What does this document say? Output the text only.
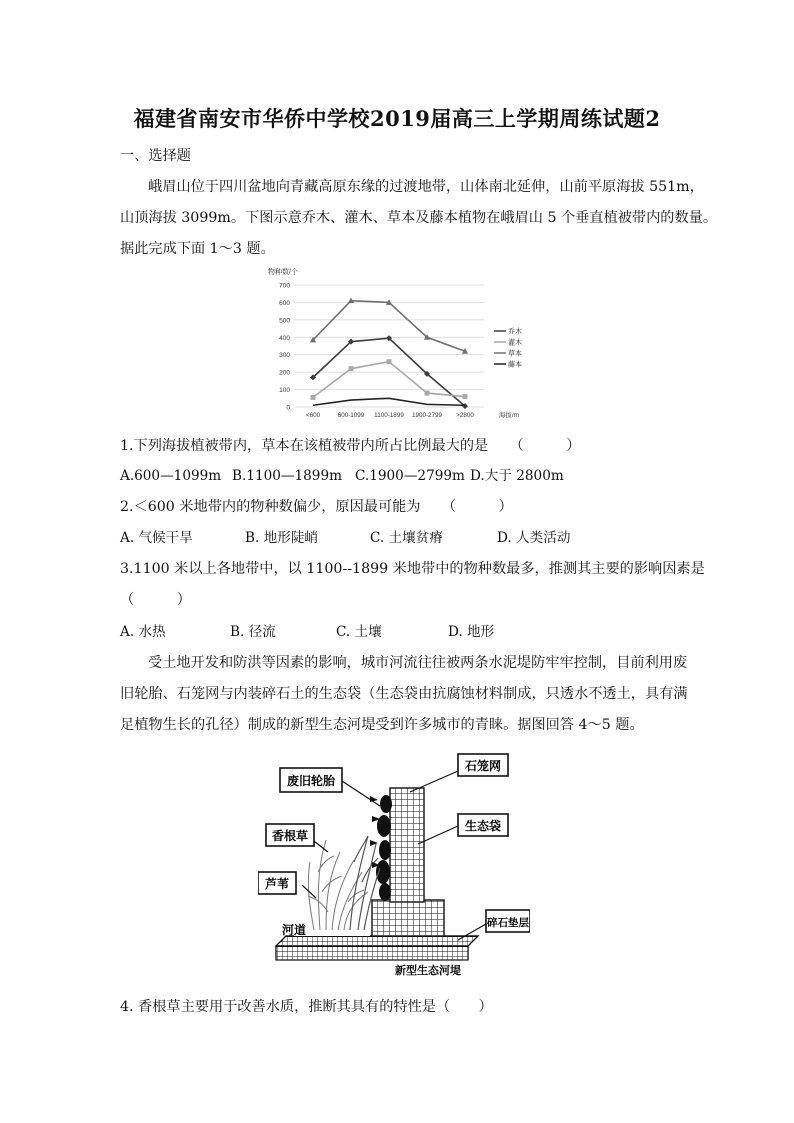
福建省南安市华侨中学校2019届高三上学期周练试题2
一、选择题
峨眉山位于四川盆地向青藏高原东缘的过渡地带，山体南北延伸，山前平原海拔 551m，
山顶海拔 3099m。下图示意乔木、灌木、草本及藤本植物在峨眉山 5 个垂直植被带内的数量。
据此完成下面 1～3 题。
物种数/个
0
100
200
300
400
500
600
700
<600	600-1099 1100-1899 1900-2799 >2800	海拔/m
乔木
灌木
草本
藤本
1.下列海拔植被带内，草本在该植被带内所占比例最大的是　　（　　　）
A.600—1099m B.1100—1899m C.1900—2799m D.大于 2800m
2.＜600 米地带内的物种数偏少，原因最可能为　　（　　　）
A. 气候干旱	B. 地形陡峭	C. 土壤贫瘠	D. 人类活动
3.1100 米以上各地带中，以 1100--1899 米地带中的物种数最多，推测其主要的影响因素是
（　　　）
A. 水热	B. 径流	C. 土壤	D. 地形
受土地开发和防洪等因素的影响，城市河流往往被两条水泥堤防牢牢控制，目前利用废
旧轮胎、石笼网与内装碎石土的生态袋（生态袋由抗腐蚀材料制成，只透水不透土，具有满
足植物生长的孔径）制成的新型生态河堤受到许多城市的青睐。据图回答 4～5 题。
废旧轮胎
香根草
芦苇
河道
石笼网
生态袋
碎石垫层
新型生态河堤
4. 香根草主要用于改善水质，推断其具有的特性是（　　）
